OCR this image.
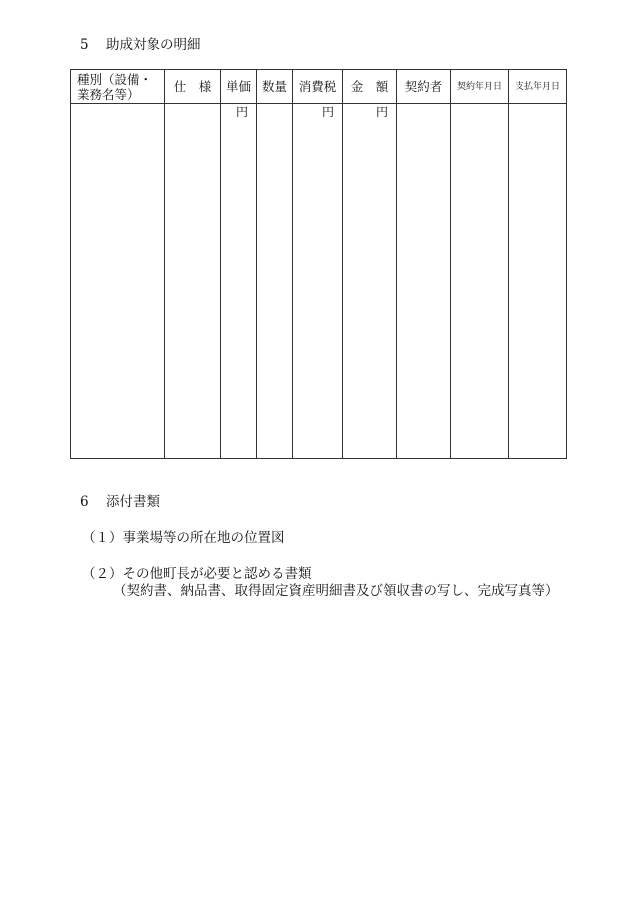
5 助成対象の明細
種別（設備・
業務名等）	仕　様	単価	数量	消費税	金　額	契約者	契約年月日	支払年月日
		円		円	円			
6 添付書類
（１）事業場等の所在地の位置図
（２）その他町長が必要と認める書類
（契約書、納品書、取得固定資産明細書及び領収書の写し、完成写真等）
